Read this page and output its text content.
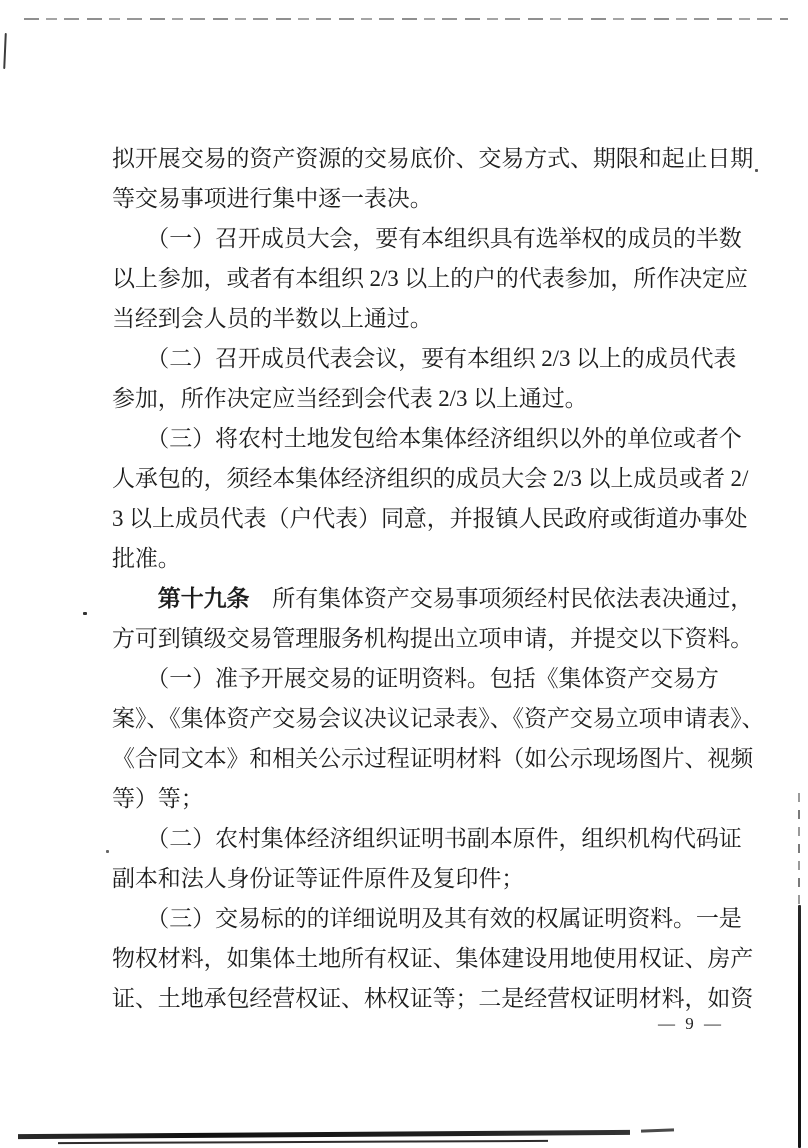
拟开展交易的资产资源的交易底价、交易方式、期限和起止日期
等交易事项进行集中逐一表决。
　　（一）召开成员大会，要有本组织具有选举权的成员的半数
以上参加，或者有本组织 2/3 以上的户的代表参加，所作决定应
当经到会人员的半数以上通过。
　　（二）召开成员代表会议，要有本组织 2/3 以上的成员代表
参加，所作决定应当经到会代表 2/3 以上通过。
　　（三）将农村土地发包给本集体经济组织以外的单位或者个
人承包的，须经本集体经济组织的成员大会 2/3 以上成员或者 2/
3 以上成员代表（户代表）同意，并报镇人民政府或街道办事处
批准。
　　第十九条　所有集体资产交易事项须经村民依法表决通过，
方可到镇级交易管理服务机构提出立项申请，并提交以下资料。
　　（一）准予开展交易的证明资料。包括《集体资产交易方
案》、《集体资产交易会议决议记录表》、《资产交易立项申请表》、
《合同文本》和相关公示过程证明材料（如公示现场图片、视频
等）等；
　　（二）农村集体经济组织证明书副本原件，组织机构代码证
副本和法人身份证等证件原件及复印件；
　　（三）交易标的的详细说明及其有效的权属证明资料。一是
物权材料，如集体土地所有权证、集体建设用地使用权证、房产
证、土地承包经营权证、林权证等；二是经营权证明材料，如资
— 9 —
